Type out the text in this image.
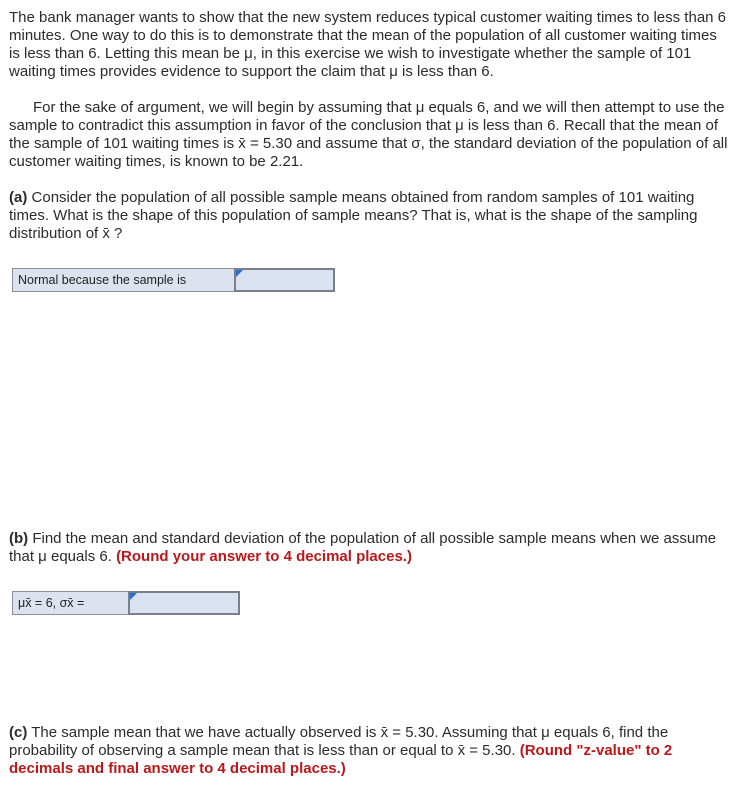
The bank manager wants to show that the new system reduces typical customer waiting times to less than 6 minutes. One way to do this is to demonstrate that the mean of the population of all customer waiting times is less than 6. Letting this mean be μ, in this exercise we wish to investigate whether the sample of 101 waiting times provides evidence to support the claim that μ is less than 6.

For the sake of argument, we will begin by assuming that μ equals 6, and we will then attempt to use the sample to contradict this assumption in favor of the conclusion that μ is less than 6. Recall that the mean of the sample of 101 waiting times is x̄ = 5.30 and assume that σ, the standard deviation of the population of all customer waiting times, is known to be 2.21.

(a) Consider the population of all possible sample means obtained from random samples of 101 waiting times. What is the shape of this population of sample means? That is, what is the shape of the sampling distribution of x̄ ?

Normal because the sample is

(b) Find the mean and standard deviation of the population of all possible sample means when we assume that μ equals 6. (Round your answer to 4 decimal places.)

μx̄ = 6, σx̄ =

(c) The sample mean that we have actually observed is x̄ = 5.30. Assuming that μ equals 6, find the probability of observing a sample mean that is less than or equal to x̄ = 5.30. (Round "z-value" to 2 decimals and final answer to 4 decimal places.)
